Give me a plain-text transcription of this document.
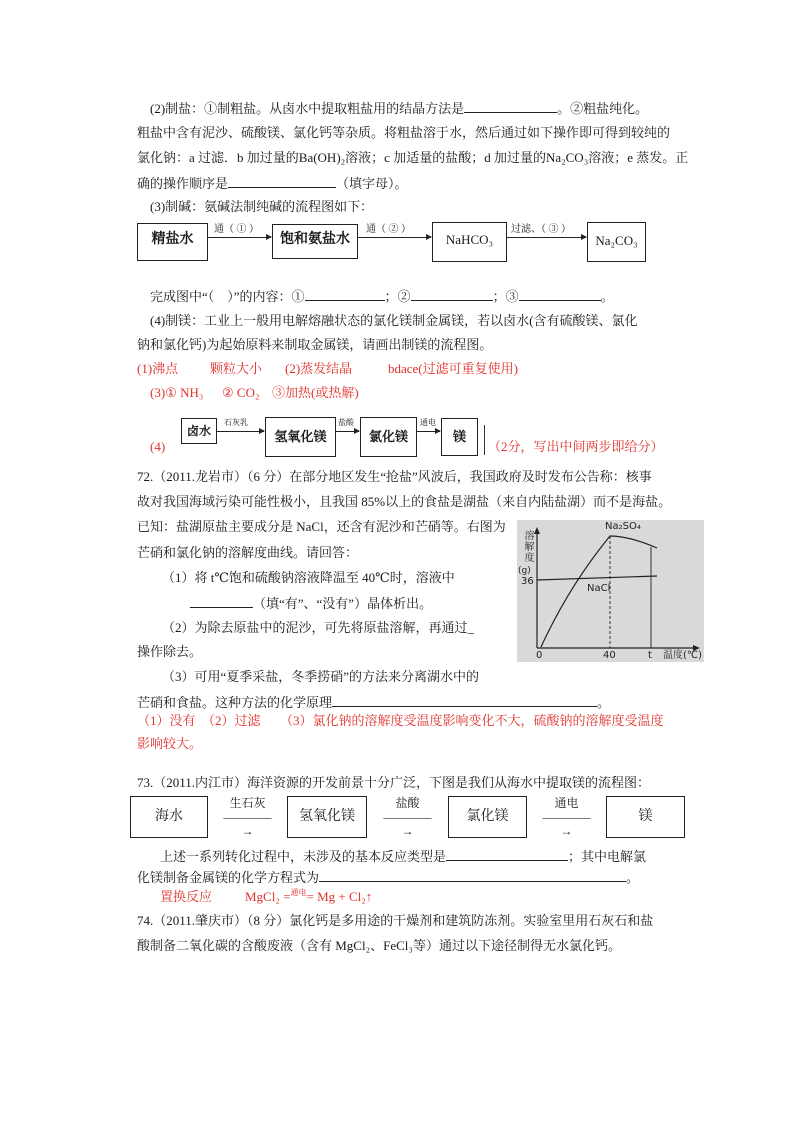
(2)制盐：①制粗盐。从卤水中提取粗盐用的结晶方法是	。②粗盐纯化。
粗盐中含有泥沙、硫酸镁、氯化钙等杂质。将粗盐溶于水，然后通过如下操作即可得到较纯的
氯化钠：a 过滤．b 加过量的Ba(OH)₂溶液；c 加适量的盐酸；d 加过量的Na₂CO₃溶液；e 蒸发。正
确的操作顺序是	（填字母）。
(3)制碱：氨碱法制纯碱的流程图如下：
精盐水
通（ ① ）
饱和氨盐水
通（ ② ）
NaHCO₃
过滤、（ ③ ）
Na₂CO₃
完成图中“（　）”的内容：①	；②	；③	。
(4)制镁：工业上一般用电解熔融状态的氯化镁制金属镁，若以卤水(含有硫酸镁、氯化
钠和氯化钙)为起始原料来制取金属镁，请画出制镁的流程图。
(1)沸点 颗粒大小 (2)蒸发结晶	bdace(过滤可重复使用)
(3)① NH₃ ② CO₂ ③加热(或热解)
(4)
卤水
石灰乳
氢氧化镁
盐酸
氯化镁
通电
镁
（2分，写出中间两步即给分）
72.（2011.龙岩市）（6 分）在部分地区发生“抢盐”风波后，我国政府及时发布公告称：核事
故对我国海域污染可能性极小，且我国 85%以上的食盐是湖盐（来自内陆盐湖）而不是海盐。
已知：盐湖原盐主要成分是 NaCl，还含有泥沙和芒硝等。右图为
芒硝和氯化钠的溶解度曲线。请回答：
（1）将 t℃饱和硫酸钠溶液降温至 40℃时，溶液中
（填“有”、“没有”）晶体析出。
（2）为除去原盐中的泥沙，可先将原盐溶解，再通过_
操作除去。
（3）可用“夏季采盐，冬季捞硝”的方法来分离湖水中的
芒硝和食盐。这种方法的化学原理	。
（1）没有　（2）过滤　　（3）氯化钠的溶解度受温度影响变化不大，硫酸钠的溶解度受温度
影响较大。
溶解度
(g)
Na₂SO₄
36
NaCl
0	40	t 温度(℃)
73.（2011.内江市）海洋资源的开发前景十分广泛，下图是我们从海水中提取镁的流程图：
海水
生石灰
————
→
氢氧化镁
盐酸
————
→
氯化镁
通电
————
→
镁
上述一系列转化过程中，未涉及的基本反应类型是	；其中电解氯
化镁制备金属镁的化学方程式为	。
置换反应	MgCl₂ =$^{通电}$= Mg + Cl₂↑
74.（2011.肇庆市）（8 分）氯化钙是多用途的干燥剂和建筑防冻剂。实验室里用石灰石和盐
酸制备二氧化碳的含酸废液（含有 MgCl₂、FeCl₃等）通过以下途径制得无水氯化钙。
